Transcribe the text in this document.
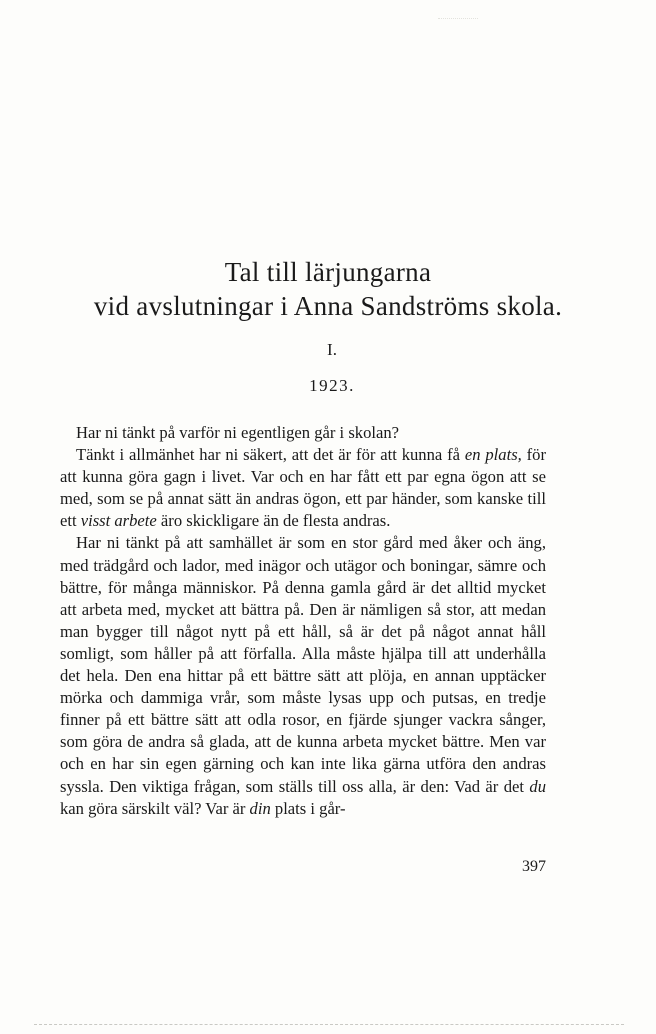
Tal till lärjungarna

vid avslutningar i Anna Sandströms skola.

I.
1923.

Har ni tänkt på varför ni egentligen går i skolan?

Tänkt i allmänhet har ni säkert, att det är för att kunna få en plats, för att kunna göra gagn i livet. Var och en har fått ett par egna ögon att se med, som se på annat sätt än andras ögon, ett par händer, som kanske till ett visst arbete äro skickligare än de flesta andras.

Har ni tänkt på att samhället är som en stor gård med åker och äng, med trädgård och lador, med inägor och utägor och boningar, sämre och bättre, för många människor. På denna gamla gård är det alltid mycket att arbeta med, mycket att bättra på. Den är nämligen så stor, att medan man bygger till något nytt på ett håll, så är det på något annat håll somligt, som håller på att förfalla. Alla måste hjälpa till att underhålla det hela. Den ena hittar på ett bättre sätt att plöja, en annan upptäcker mörka och dammiga vrår, som måste lysas upp och putsas, en tredje finner på ett bättre sätt att odla rosor, en fjärde sjunger vackra sånger, som göra de andra så glada, att de kunna arbeta mycket bättre. Men var och en har sin egen gärning och kan inte lika gärna utföra den andras syssla. Den viktiga frågan, som ställs till oss alla, är den: Vad är det du kan göra särskilt väl? Var är din plats i går-

397
